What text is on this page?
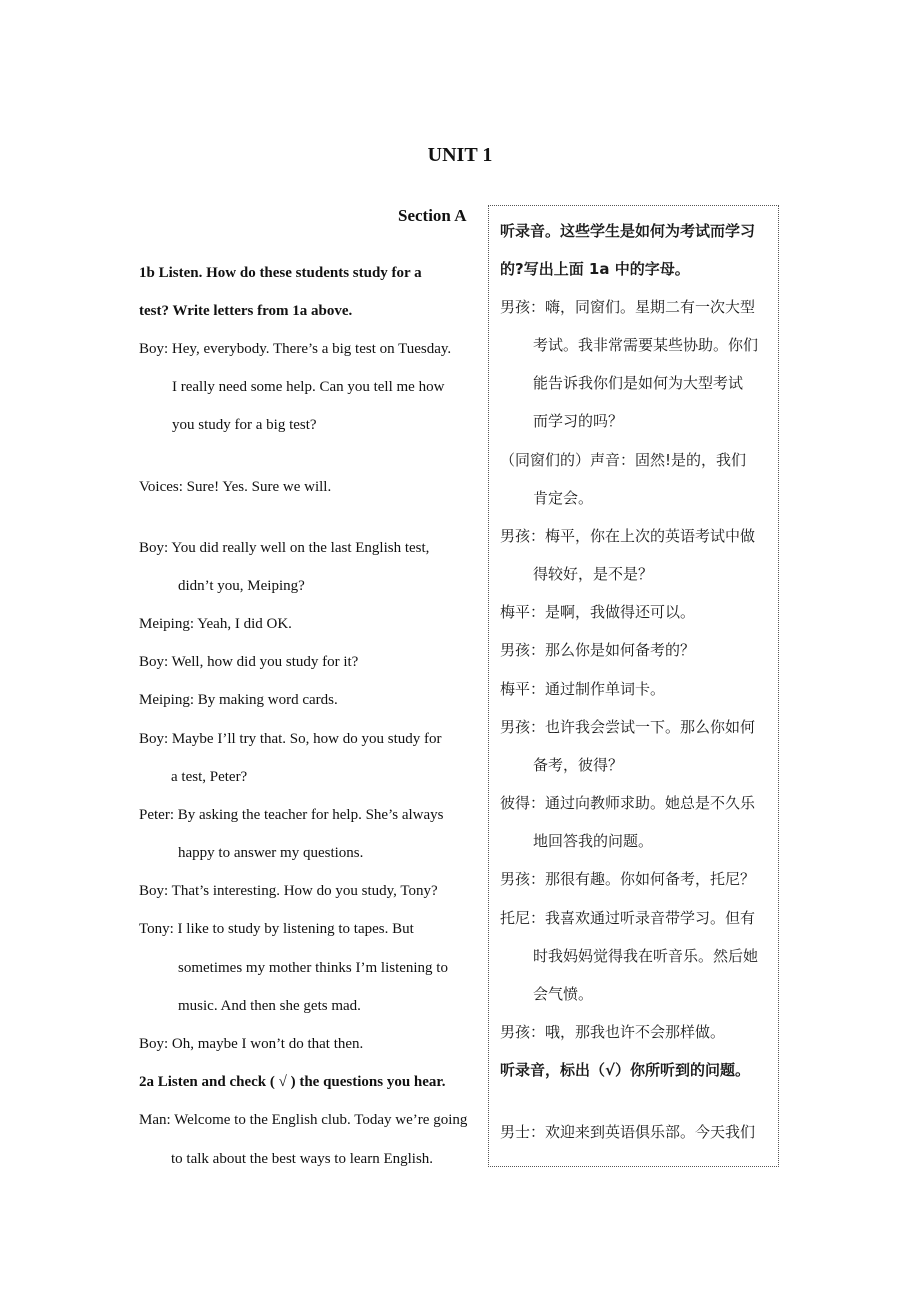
UNIT 1
Section A
1b Listen. How do these students study for a
test? Write letters from 1a above.
Boy: Hey, everybody. There’s a big test on Tuesday.
I really need some help. Can you tell me how
you study for a big test?
Voices: Sure! Yes. Sure we will.
Boy: You did really well on the last English test,
didn’t you, Meiping?
Meiping: Yeah, I did OK.
Boy: Well, how did you study for it?
Meiping: By making word cards.
Boy: Maybe I’ll try that. So, how do you study for
a test, Peter?
Peter: By asking the teacher for help. She’s always
happy to answer my questions.
Boy: That’s interesting. How do you study, Tony?
Tony: I like to study by listening to tapes. But
sometimes my mother thinks I’m listening to
music. And then she gets mad.
Boy: Oh, maybe I won’t do that then.
2a Listen and check ( √ ) the questions you hear.
Man: Welcome to the English club. Today we’re going
to talk about the best ways to learn English.
听录音。这些学生是如何为考试而学习
的?写出上面 1a 中的字母。
男孩：嗨，同窗们。星期二有一次大型
考试。我非常需要某些协助。你们
能告诉我你们是如何为大型考试
而学习的吗？
（同窗们的）声音：固然!是的，我们
肯定会。
男孩：梅平，你在上次的英语考试中做
得较好，是不是？
梅平：是啊，我做得还可以。
男孩：那么你是如何备考的？
梅平：通过制作单词卡。
男孩：也许我会尝试一下。那么你如何
备考，彼得？
彼得：通过向教师求助。她总是不久乐
地回答我的问题。
男孩：那很有趣。你如何备考，托尼？
托尼：我喜欢通过听录音带学习。但有
时我妈妈觉得我在听音乐。然后她
会气愤。
男孩：哦，那我也许不会那样做。
听录音，标出（√）你所听到的问题。
男士：欢迎来到英语俱乐部。今天我们
